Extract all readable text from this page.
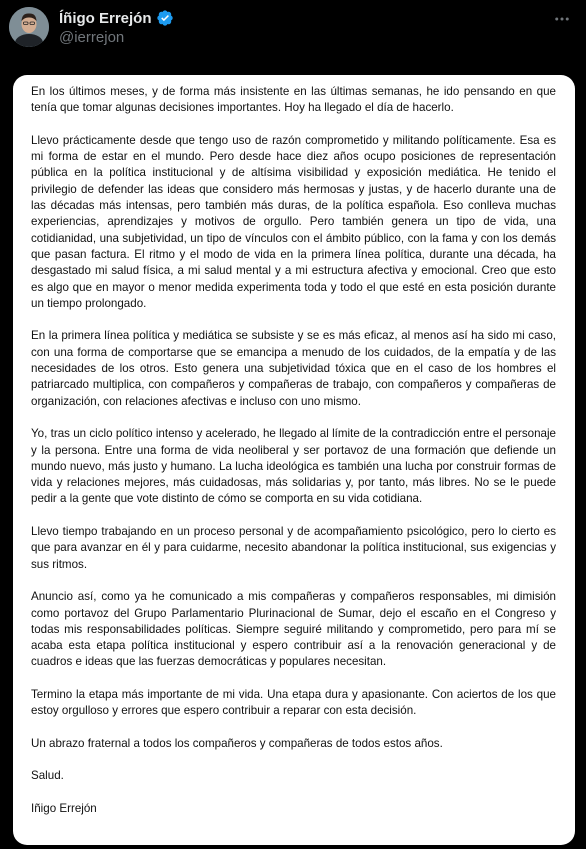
Íñigo Errejón
@ierrejon

En los últimos meses, y de forma más insistente en las últimas semanas, he ido pensando en que tenía que tomar algunas decisiones importantes. Hoy ha llegado el día de hacerlo.

Llevo prácticamente desde que tengo uso de razón comprometido y militando políticamente. Esa es mi forma de estar en el mundo. Pero desde hace diez años ocupo posiciones de representación pública en la política institucional y de altísima visibilidad y exposición mediática. He tenido el privilegio de defender las ideas que considero más hermosas y justas, y de hacerlo durante una de las décadas más intensas, pero también más duras, de la política española. Eso conlleva muchas experiencias, aprendizajes y motivos de orgullo. Pero también genera un tipo de vida, una cotidianidad, una subjetividad, un tipo de vínculos con el ámbito público, con la fama y con los demás que pasan factura. El ritmo y el modo de vida en la primera línea política, durante una década, ha desgastado mi salud física, a mi salud mental y a mi estructura afectiva y emocional. Creo que esto es algo que en mayor o menor medida experimenta toda y todo el que esté en esta posición durante un tiempo prolongado.

En la primera línea política y mediática se subsiste y se es más eficaz, al menos así ha sido mi caso, con una forma de comportarse que se emancipa a menudo de los cuidados, de la empatía y de las necesidades de los otros. Esto genera una subjetividad tóxica que en el caso de los hombres el patriarcado multiplica, con compañeros y compañeras de trabajo, con compañeros y compañeras de organización, con relaciones afectivas e incluso con uno mismo.

Yo, tras un ciclo político intenso y acelerado, he llegado al límite de la contradicción entre el personaje y la persona. Entre una forma de vida neoliberal y ser portavoz de una formación que defiende un mundo nuevo, más justo y humano. La lucha ideológica es también una lucha por construir formas de vida y relaciones mejores, más cuidadosas, más solidarias y, por tanto, más libres. No se le puede pedir a la gente que vote distinto de cómo se comporta en su vida cotidiana.

Llevo tiempo trabajando en un proceso personal y de acompañamiento psicológico, pero lo cierto es que para avanzar en él y para cuidarme, necesito abandonar la política institucional, sus exigencias y sus ritmos.

Anuncio así, como ya he comunicado a mis compañeras y compañeros responsables, mi dimisión como portavoz del Grupo Parlamentario Plurinacional de Sumar, dejo el escaño en el Congreso y todas mis responsabilidades políticas. Siempre seguiré militando y comprometido, pero para mí se acaba esta etapa política institucional y espero contribuir así a la renovación generacional y de cuadros e ideas que las fuerzas democráticas y populares necesitan.

Termino la etapa más importante de mi vida. Una etapa dura y apasionante. Con aciertos de los que estoy orgulloso y errores que espero contribuir a reparar con esta decisión.

Un abrazo fraternal a todos los compañeros y compañeras de todos estos años.

Salud.

Iñigo Errejón
